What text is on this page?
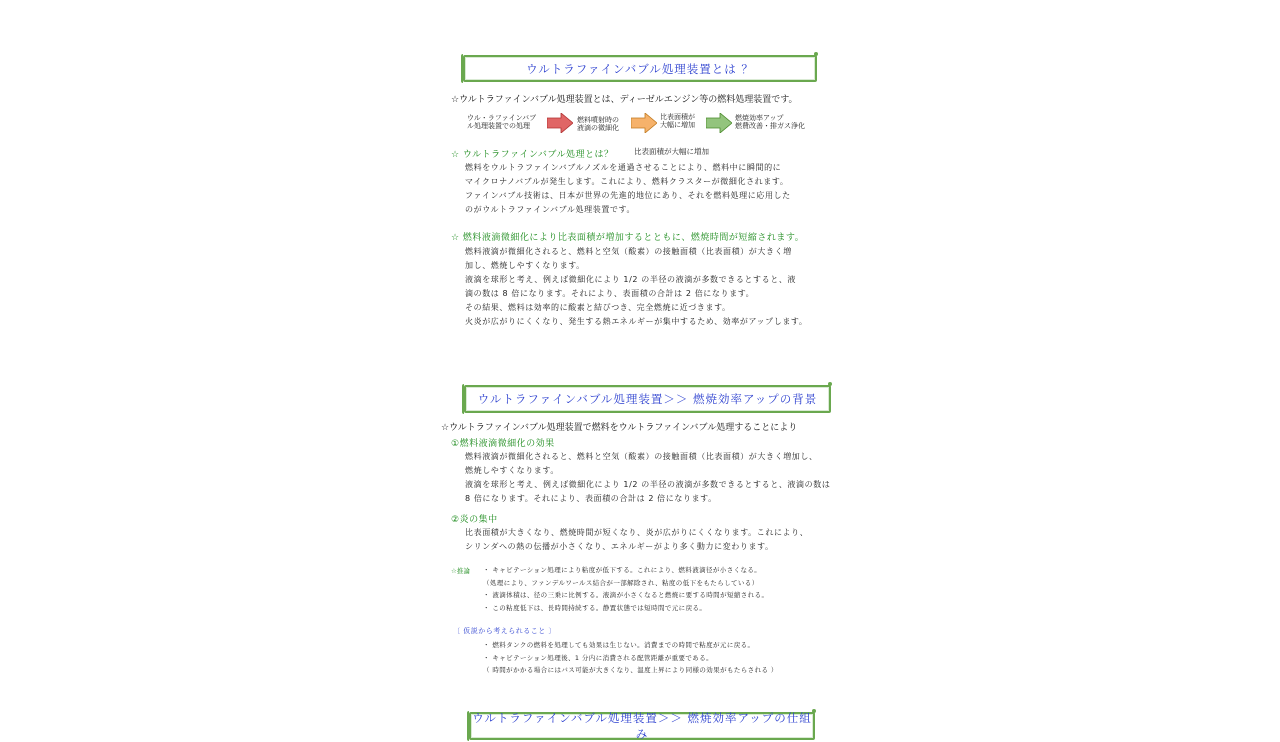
ウルトラファインバブル処理装置とは ？
☆ウルトラファインバブル処理装置とは、ディーゼルエンジン等の燃料処理装置です。
ウル・ラファインバブ
ル処理装置での処理
燃料噴射時の
液滴の微細化
比表面積が
大幅に増加
燃焼効率アップ
燃費改善・排ガス浄化
☆ ウルトラファインバブル処理とは？	比表面積が大幅に増加
燃料をウルトラファインバブルノズルを通過させることにより、燃料中に瞬間的に
マイクロナノバブルが発生します。これにより、燃料クラスターが微細化されます。
ファインバブル技術は、日本が世界の先進的地位にあり、それを燃料処理に応用した
のがウルトラファインバブル処理装置です。
☆ 燃料液滴微細化により比表面積が増加するとともに、燃焼時間が短縮されます。
燃料液滴が微細化されると、燃料と空気（酸素）の接触面積（比表面積）が大きく増
加し、燃焼しやすくなります。
液滴を球形と考え、例えば微細化により 1/2 の半径の液滴が多数できるとすると、液
滴の数は 8 倍になります。それにより、表面積の合計は 2 倍になります。
その結果、燃料は効率的に酸素と結びつき、完全燃焼に近づきます。
火炎が広がりにくくなり、発生する熱エネルギーが集中するため、効率がアップします。
ウルトラファインバブル処理装置＞＞ 燃焼効率アップの背景
☆ウルトラファインバブル処理装置で燃料をウルトラファインバブル処理することにより
①燃料液滴微細化の効果
燃料液滴が微細化されると、燃料と空気（酸素）の接触面積（比表面積）が大きく増加し、
燃焼しやすくなります。
液滴を球形と考え、例えば微細化により 1/2 の半径の液滴が多数できるとすると、液滴の数は
8 倍になります。それにより、表面積の合計は 2 倍になります。
②炎の集中
比表面積が大きくなり、燃焼時間が短くなり、炎が広がりにくくなります。これにより、
シリンダへの熱の伝播が小さくなり、エネルギーがより多く動力に変わります。
☆推論 ・ キャビテーション処理により粘度が低下する。これにより、燃料液滴径が小さくなる。
（処理により、ファンデルワールス結合が一部解除され、粘度の低下をもたらしている）
・ 液滴体積は、径の三乗に比例する。液滴が小さくなると燃焼に要する時間が短縮される。
・ この粘度低下は、長時間持続する。静置状態では短時間で元に戻る。
〔 仮説から考えられること 〕
・ 燃料タンクの燃料を処理しても効果は生じない。消費までの時間で粘度が元に戻る。
・ キャビテーション処理後、1 分内に消費される配管距離が重要である。
（ 時間がかかる場合にはバス可能が大きくなり、温度上昇により同様の効果がもたらされる ）
ウルトラファインバブル処理装置＞＞ 燃焼効率アップの仕組み
